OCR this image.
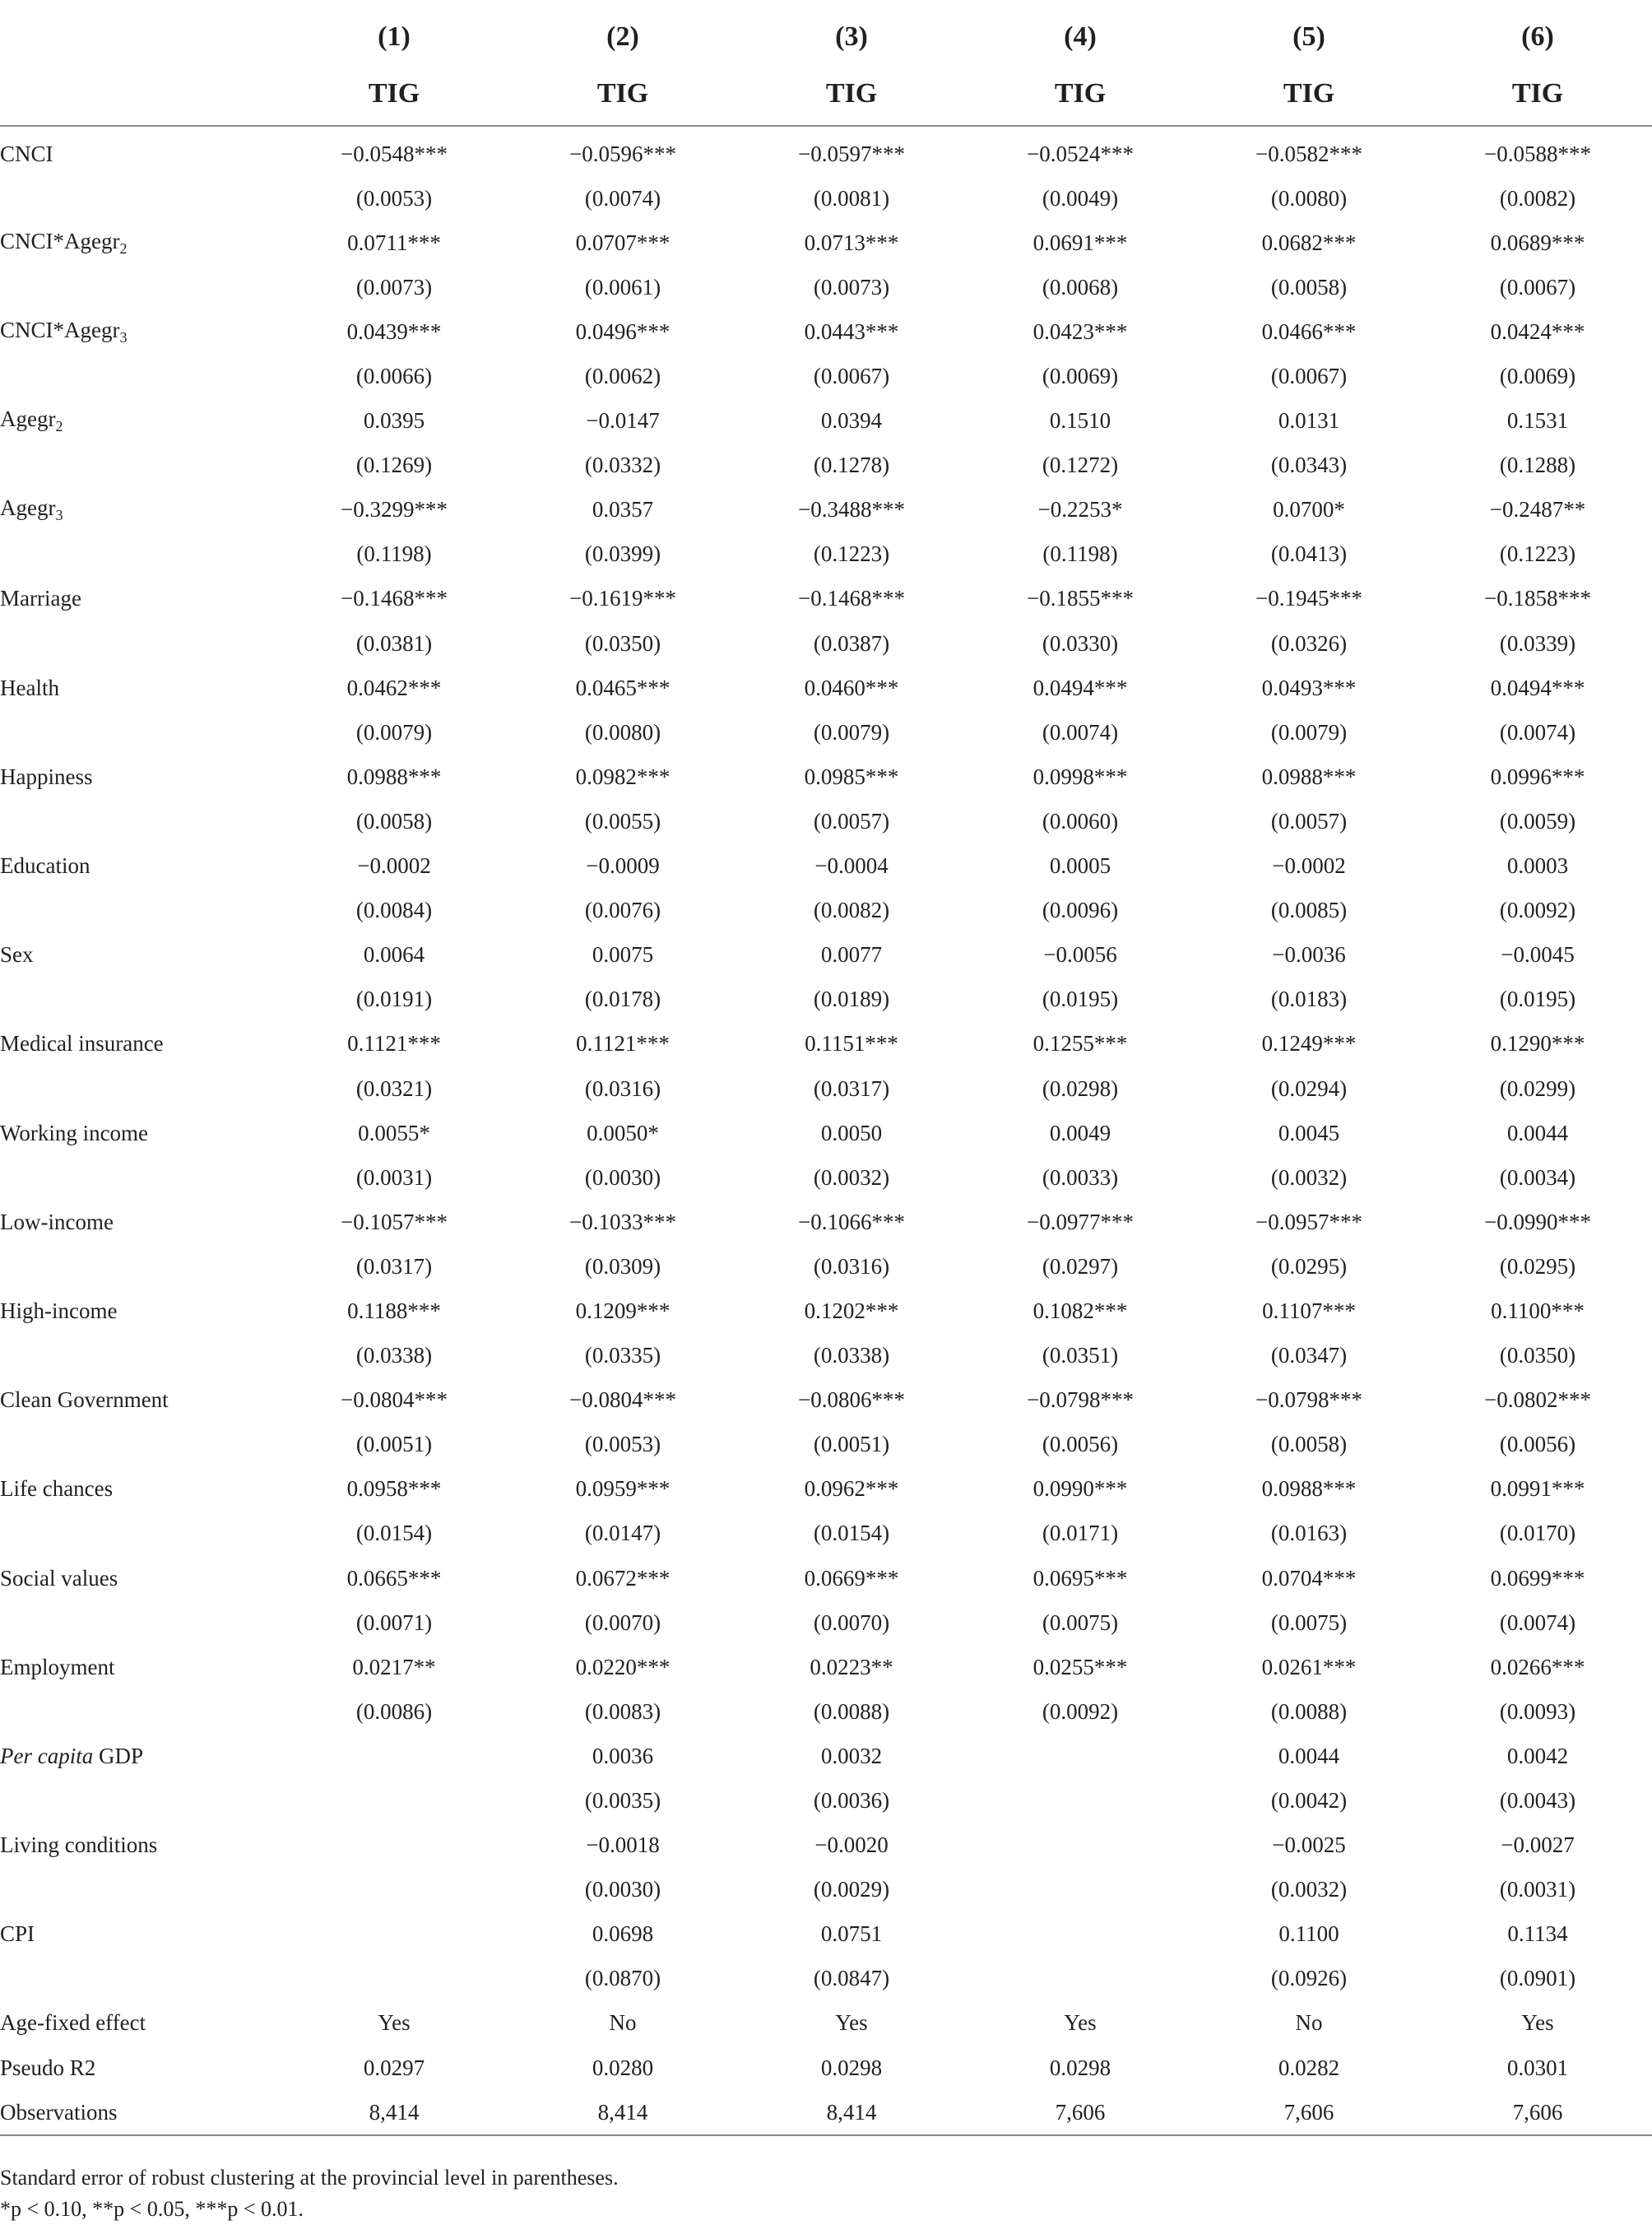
	(1)	(2)	(3)	(4)	(5)	(6)
	TIG	TIG	TIG	TIG	TIG	TIG
CNCI	−0.0548***	−0.0596***	−0.0597***	−0.0524***	−0.0582***	−0.0588***
	(0.0053)	(0.0074)	(0.0081)	(0.0049)	(0.0080)	(0.0082)
CNCI*Agegr$_2$	0.0711***	0.0707***	0.0713***	0.0691***	0.0682***	0.0689***
	(0.0073)	(0.0061)	(0.0073)	(0.0068)	(0.0058)	(0.0067)
CNCI*Agegr$_3$	0.0439***	0.0496***	0.0443***	0.0423***	0.0466***	0.0424***
	(0.0066)	(0.0062)	(0.0067)	(0.0069)	(0.0067)	(0.0069)
Agegr$_2$	0.0395	−0.0147	0.0394	0.1510	0.0131	0.1531
	(0.1269)	(0.0332)	(0.1278)	(0.1272)	(0.0343)	(0.1288)
Agegr$_3$	−0.3299***	0.0357	−0.3488***	−0.2253*	0.0700*	−0.2487**
	(0.1198)	(0.0399)	(0.1223)	(0.1198)	(0.0413)	(0.1223)
Marriage	−0.1468***	−0.1619***	−0.1468***	−0.1855***	−0.1945***	−0.1858***
	(0.0381)	(0.0350)	(0.0387)	(0.0330)	(0.0326)	(0.0339)
Health	0.0462***	0.0465***	0.0460***	0.0494***	0.0493***	0.0494***
	(0.0079)	(0.0080)	(0.0079)	(0.0074)	(0.0079)	(0.0074)
Happiness	0.0988***	0.0982***	0.0985***	0.0998***	0.0988***	0.0996***
	(0.0058)	(0.0055)	(0.0057)	(0.0060)	(0.0057)	(0.0059)
Education	−0.0002	−0.0009	−0.0004	0.0005	−0.0002	0.0003
	(0.0084)	(0.0076)	(0.0082)	(0.0096)	(0.0085)	(0.0092)
Sex	0.0064	0.0075	0.0077	−0.0056	−0.0036	−0.0045
	(0.0191)	(0.0178)	(0.0189)	(0.0195)	(0.0183)	(0.0195)
Medical insurance	0.1121***	0.1121***	0.1151***	0.1255***	0.1249***	0.1290***
	(0.0321)	(0.0316)	(0.0317)	(0.0298)	(0.0294)	(0.0299)
Working income	0.0055*	0.0050*	0.0050	0.0049	0.0045	0.0044
	(0.0031)	(0.0030)	(0.0032)	(0.0033)	(0.0032)	(0.0034)
Low-income	−0.1057***	−0.1033***	−0.1066***	−0.0977***	−0.0957***	−0.0990***
	(0.0317)	(0.0309)	(0.0316)	(0.0297)	(0.0295)	(0.0295)
High-income	0.1188***	0.1209***	0.1202***	0.1082***	0.1107***	0.1100***
	(0.0338)	(0.0335)	(0.0338)	(0.0351)	(0.0347)	(0.0350)
Clean Government	−0.0804***	−0.0804***	−0.0806***	−0.0798***	−0.0798***	−0.0802***
	(0.0051)	(0.0053)	(0.0051)	(0.0056)	(0.0058)	(0.0056)
Life chances	0.0958***	0.0959***	0.0962***	0.0990***	0.0988***	0.0991***
	(0.0154)	(0.0147)	(0.0154)	(0.0171)	(0.0163)	(0.0170)
Social values	0.0665***	0.0672***	0.0669***	0.0695***	0.0704***	0.0699***
	(0.0071)	(0.0070)	(0.0070)	(0.0075)	(0.0075)	(0.0074)
Employment	0.0217**	0.0220***	0.0223**	0.0255***	0.0261***	0.0266***
	(0.0086)	(0.0083)	(0.0088)	(0.0092)	(0.0088)	(0.0093)
Per capita GDP		0.0036	0.0032		0.0044	0.0042
		(0.0035)	(0.0036)		(0.0042)	(0.0043)
Living conditions		−0.0018	−0.0020		−0.0025	−0.0027
		(0.0030)	(0.0029)		(0.0032)	(0.0031)
CPI		0.0698	0.0751		0.1100	0.1134
		(0.0870)	(0.0847)		(0.0926)	(0.0901)
Age-fixed effect	Yes	No	Yes	Yes	No	Yes
Pseudo R2	0.0297	0.0280	0.0298	0.0298	0.0282	0.0301
Observations	8,414	8,414	8,414	7,606	7,606	7,606
Standard error of robust clustering at the provincial level in parentheses.
*p < 0.10, **p < 0.05, ***p < 0.01.
